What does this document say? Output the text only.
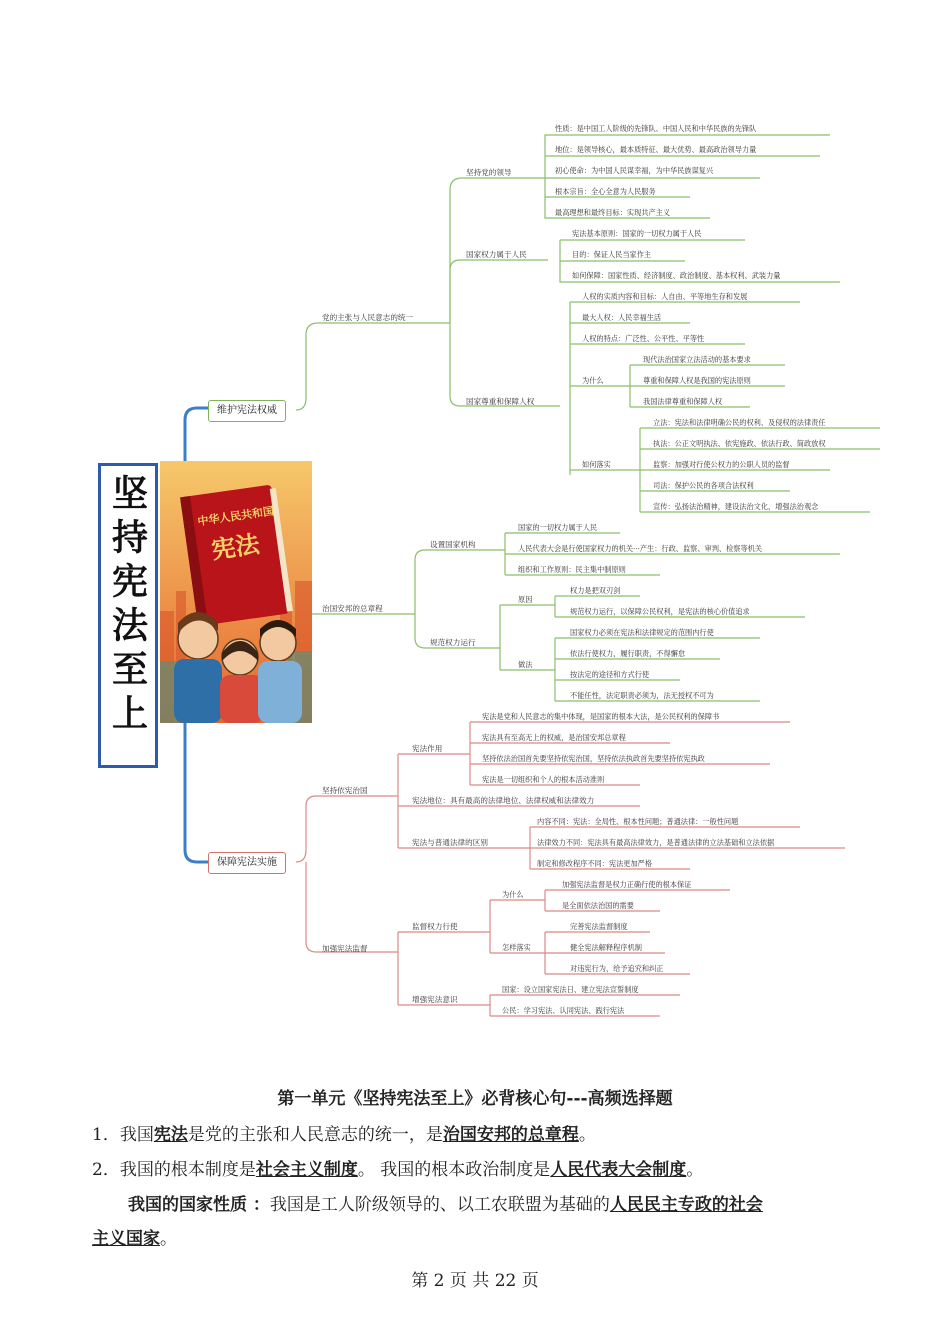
党的主张与人民意志的统一
坚持党的领导
性质：是中国工人阶级的先锋队、中国人民和中华民族的先锋队
地位：是领导核心，最本质特征、最大优势、最高政治领导力量
初心使命：为中国人民谋幸福，为中华民族谋复兴
根本宗旨：全心全意为人民服务
最高理想和最终目标：实现共产主义
国家权力属于人民
宪法基本原则：国家的一切权力属于人民
目的：保证人民当家作主
如何保障：国家性质、经济制度、政治制度、基本权利、武装力量
国家尊重和保障人权
人权的实质内容和目标：人自由、平等地生存和发展
最大人权：人民幸福生活
人权的特点：广泛性、公平性、平等性
为什么
现代法治国家立法活动的基本要求
尊重和保障人权是我国的宪法原则
我国法律尊重和保障人权
如何落实
立法：宪法和法律明确公民的权利、及侵权的法律责任
执法：公正文明执法、依宪施政、依法行政、简政放权
监察：加强对行使公权力的公职人员的监督
司法：保护公民的各项合法权利
宣传：弘扬法治精神，建设法治文化，增强法治观念
治国安邦的总章程
设置国家机构
国家的一切权力属于人民
人民代表大会是行使国家权力的机关···产生：行政、监察、审判、检察等机关
组织和工作原则：民主集中制原则
规范权力运行
原因
权力是把双刃剑
规范权力运行，以保障公民权利，是宪法的核心价值追求
做法
国家权力必须在宪法和法律规定的范围内行使
依法行使权力，履行职责，不得懈怠
按法定的途径和方式行使
不能任性，法定职责必须为，法无授权不可为
坚持依宪治国
宪法作用
宪法是党和人民意志的集中体现，是国家的根本大法，是公民权利的保障书
宪法具有至高无上的权威，是治国安邦总章程
坚持依法治国首先要坚持依宪治国，坚持依法执政首先要坚持依宪执政
宪法是一切组织和个人的根本活动准则
宪法地位：具有最高的法律地位、法律权威和法律效力
宪法与普通法律的区别
内容不同：宪法：全局性、根本性问题；普通法律：一般性问题
法律效力不同：宪法具有最高法律效力，是普通法律的立法基础和立法依据
制定和修改程序不同：宪法更加严格
加强宪法监督
监督权力行使
为什么
加强宪法监督是权力正确行使的根本保证
是全面依法治国的需要
怎样落实
完善宪法监督制度
健全宪法解释程序机制
对违宪行为，给予追究和纠正
增强宪法意识
国家：设立国家宪法日、建立宪法宣誓制度
公民：学习宪法、认同宪法、践行宪法
维护宪法权威
保障宪法实施
坚持宪法至上	中华人民共和国
宪法
第一单元《坚持宪法至上》必背核心句---高频选择题
1．我国宪法是党的主张和人民意志的统一，是治国安邦的总章程。
2．我国的根本制度是社会主义制度。 我国的根本政治制度是人民代表大会制度。
我国的国家性质 ：我国是工人阶级领导的、以工农联盟为基础的人民民主专政的社会
主义国家。
第 2 页 共 22 页
